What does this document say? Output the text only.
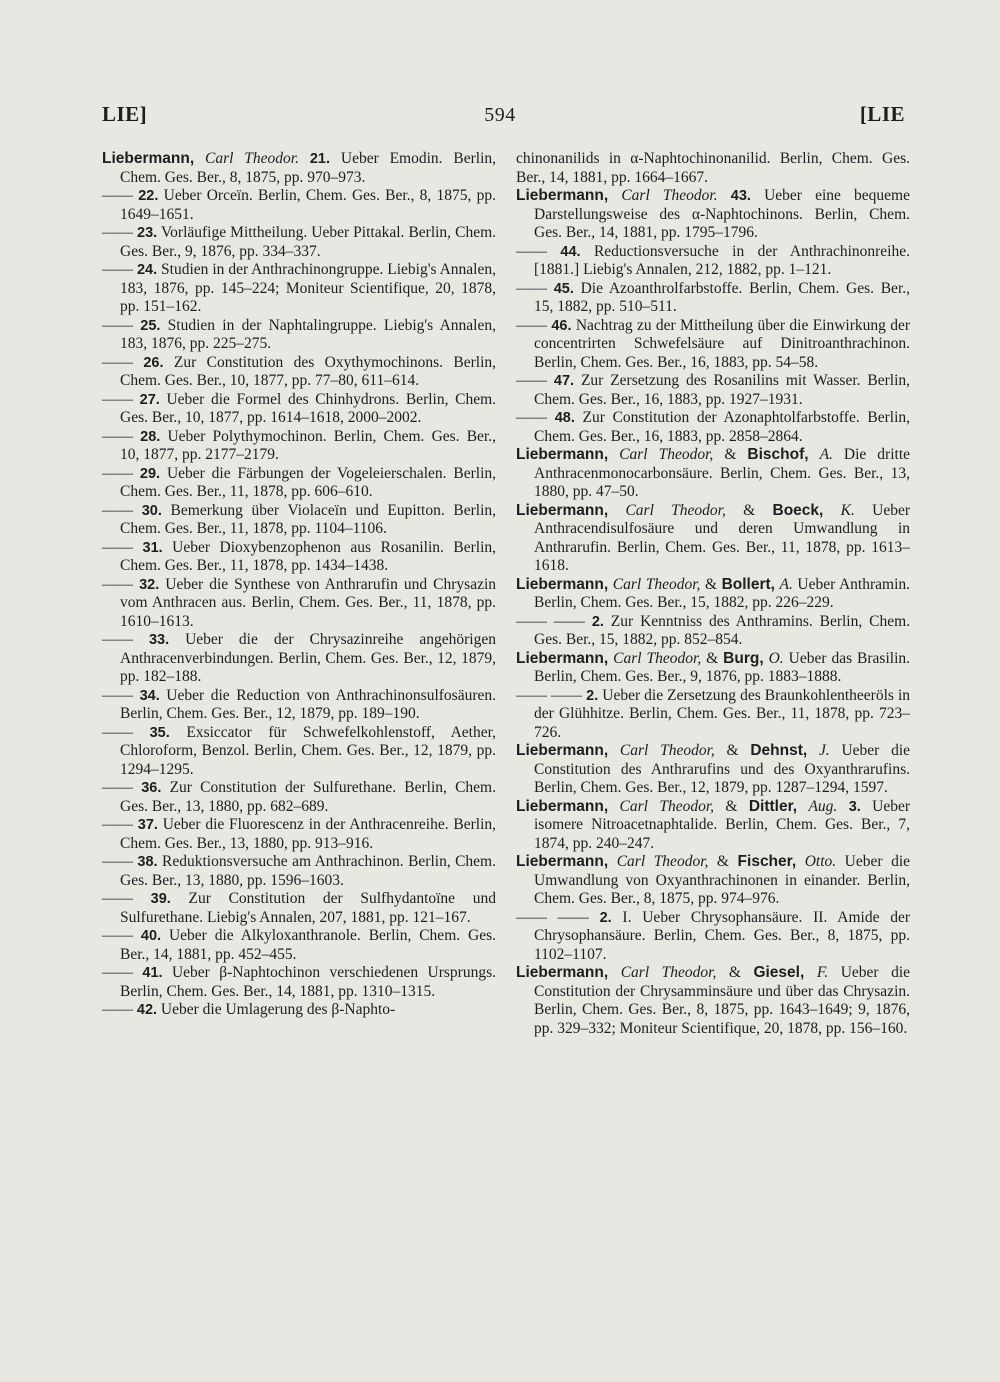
LIE]	594	[LIE

Liebermann, Carl Theodor. 21. Ueber Emodin. Berlin, Chem. Ges. Ber., 8, 1875, pp. 970–973.

—— 22. Ueber Orceïn. Berlin, Chem. Ges. Ber., 8, 1875, pp. 1649–1651.

—— 23. Vorläufige Mittheilung. Ueber Pittakal. Berlin, Chem. Ges. Ber., 9, 1876, pp. 334–337.

—— 24. Studien in der Anthrachinongruppe. Liebig's Annalen, 183, 1876, pp. 145–224; Moniteur Scientifique, 20, 1878, pp. 151–162.

—— 25. Studien in der Naphtalingruppe. Liebig's Annalen, 183, 1876, pp. 225–275.

—— 26. Zur Constitution des Oxythymochinons. Berlin, Chem. Ges. Ber., 10, 1877, pp. 77–80, 611–614.

—— 27. Ueber die Formel des Chinhydrons. Berlin, Chem. Ges. Ber., 10, 1877, pp. 1614–1618, 2000–2002.

—— 28. Ueber Polythymochinon. Berlin, Chem. Ges. Ber., 10, 1877, pp. 2177–2179.

—— 29. Ueber die Färbungen der Vogeleierschalen. Berlin, Chem. Ges. Ber., 11, 1878, pp. 606–610.

—— 30. Bemerkung über Violaceïn und Eupitton. Berlin, Chem. Ges. Ber., 11, 1878, pp. 1104–1106.

—— 31. Ueber Dioxybenzophenon aus Rosanilin. Berlin, Chem. Ges. Ber., 11, 1878, pp. 1434–1438.

—— 32. Ueber die Synthese von Anthrarufin und Chrysazin vom Anthracen aus. Berlin, Chem. Ges. Ber., 11, 1878, pp. 1610–1613.

—— 33. Ueber die der Chrysazinreihe angehörigen Anthracenverbindungen. Berlin, Chem. Ges. Ber., 12, 1879, pp. 182–188.

—— 34. Ueber die Reduction von Anthrachinonsulfosäuren. Berlin, Chem. Ges. Ber., 12, 1879, pp. 189–190.

—— 35. Exsiccator für Schwefelkohlenstoff, Aether, Chloroform, Benzol. Berlin, Chem. Ges. Ber., 12, 1879, pp. 1294–1295.

—— 36. Zur Constitution der Sulfurethane. Berlin, Chem. Ges. Ber., 13, 1880, pp. 682–689.

—— 37. Ueber die Fluorescenz in der Anthracenreihe. Berlin, Chem. Ges. Ber., 13, 1880, pp. 913–916.

—— 38. Reduktionsversuche am Anthrachinon. Berlin, Chem. Ges. Ber., 13, 1880, pp. 1596–1603.

—— 39. Zur Constitution der Sulfhydantoïne und Sulfurethane. Liebig's Annalen, 207, 1881, pp. 121–167.

—— 40. Ueber die Alkyloxanthranole. Berlin, Chem. Ges. Ber., 14, 1881, pp. 452–455.

—— 41. Ueber β-Naphtochinon verschiedenen Ursprungs. Berlin, Chem. Ges. Ber., 14, 1881, pp. 1310–1315.

—— 42. Ueber die Umlagerung des β-Naphto-

chinonanilids in α-Naphtochinonanilid. Berlin, Chem. Ges. Ber., 14, 1881, pp. 1664–1667.

Liebermann, Carl Theodor. 43. Ueber eine bequeme Darstellungsweise des α-Naphtochinons. Berlin, Chem. Ges. Ber., 14, 1881, pp. 1795–1796.

—— 44. Reductionsversuche in der Anthrachinonreihe. [1881.] Liebig's Annalen, 212, 1882, pp. 1–121.

—— 45. Die Azoanthrolfarbstoffe. Berlin, Chem. Ges. Ber., 15, 1882, pp. 510–511.

—— 46. Nachtrag zu der Mittheilung über die Einwirkung der concentrirten Schwefelsäure auf Dinitroanthrachinon. Berlin, Chem. Ges. Ber., 16, 1883, pp. 54–58.

—— 47. Zur Zersetzung des Rosanilins mit Wasser. Berlin, Chem. Ges. Ber., 16, 1883, pp. 1927–1931.

—— 48. Zur Constitution der Azonaphtolfarbstoffe. Berlin, Chem. Ges. Ber., 16, 1883, pp. 2858–2864.

Liebermann, Carl Theodor, & Bischof, A. Die dritte Anthracenmonocarbonsäure. Berlin, Chem. Ges. Ber., 13, 1880, pp. 47–50.

Liebermann, Carl Theodor, & Boeck, K. Ueber Anthracendisulfosäure und deren Umwandlung in Anthrarufin. Berlin, Chem. Ges. Ber., 11, 1878, pp. 1613–1618.

Liebermann, Carl Theodor, & Bollert, A. Ueber Anthramin. Berlin, Chem. Ges. Ber., 15, 1882, pp. 226–229.

—— —— 2. Zur Kenntniss des Anthramins. Berlin, Chem. Ges. Ber., 15, 1882, pp. 852–854.

Liebermann, Carl Theodor, & Burg, O. Ueber das Brasilin. Berlin, Chem. Ges. Ber., 9, 1876, pp. 1883–1888.

—— —— 2. Ueber die Zersetzung des Braunkohlentheeröls in der Glühhitze. Berlin, Chem. Ges. Ber., 11, 1878, pp. 723–726.

Liebermann, Carl Theodor, & Dehnst, J. Ueber die Constitution des Anthrarufins und des Oxyanthrarufins. Berlin, Chem. Ges. Ber., 12, 1879, pp. 1287–1294, 1597.

Liebermann, Carl Theodor, & Dittler, Aug. 3. Ueber isomere Nitroacetnaphtalide. Berlin, Chem. Ges. Ber., 7, 1874, pp. 240–247.

Liebermann, Carl Theodor, & Fischer, Otto. Ueber die Umwandlung von Oxyanthrachinonen in einander. Berlin, Chem. Ges. Ber., 8, 1875, pp. 974–976.

—— —— 2. I. Ueber Chrysophansäure. II. Amide der Chrysophansäure. Berlin, Chem. Ges. Ber., 8, 1875, pp. 1102–1107.

Liebermann, Carl Theodor, & Giesel, F. Ueber die Constitution der Chrysamminsäure und über das Chrysazin. Berlin, Chem. Ges. Ber., 8, 1875, pp. 1643–1649; 9, 1876, pp. 329–332; Moniteur Scientifique, 20, 1878, pp. 156–160.
